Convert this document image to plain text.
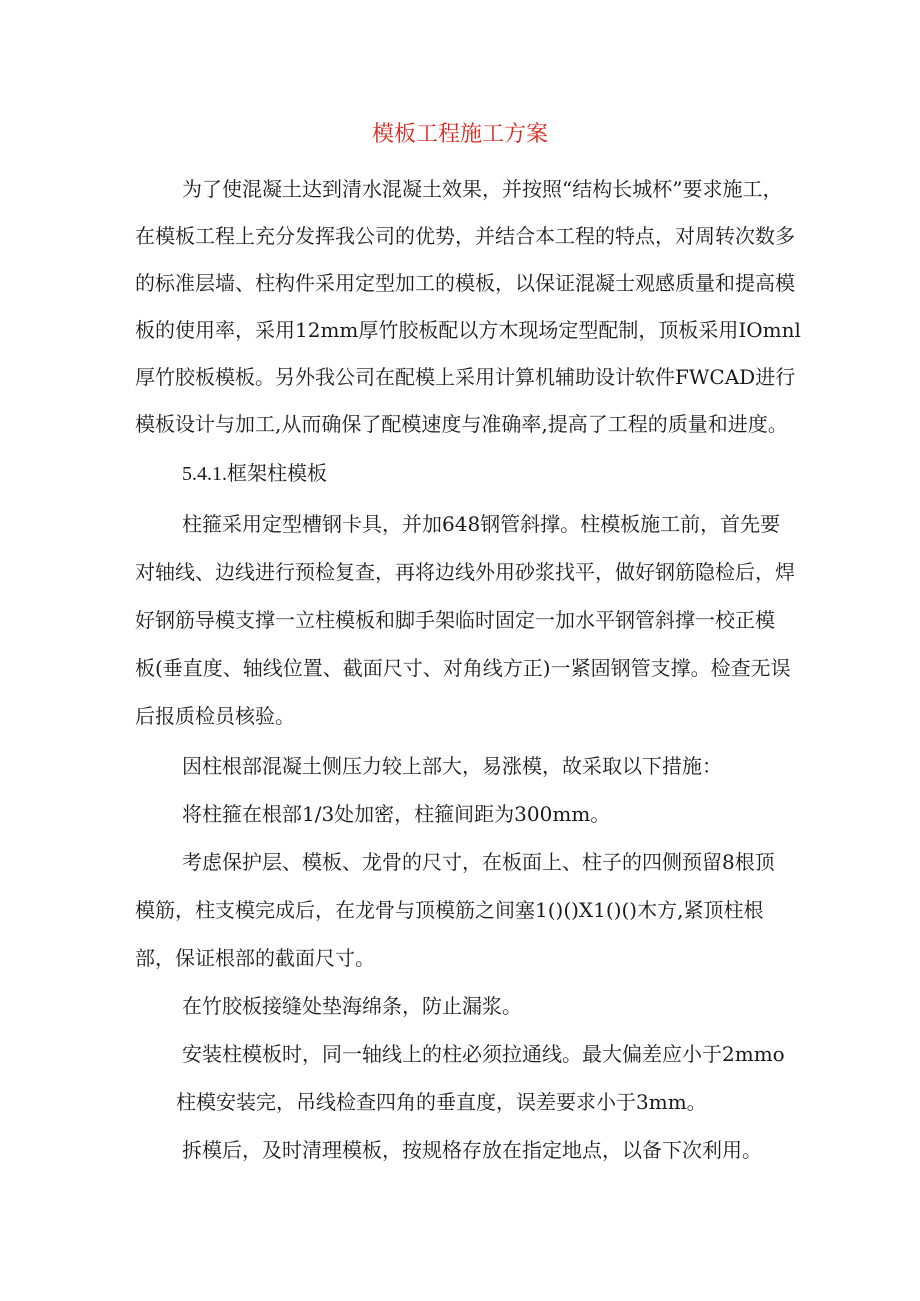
模板工程施工方案
为了使混凝土达到清水混凝土效果，并按照“结构长城杯”要求施工，
在模板工程上充分发挥我公司的优势，并结合本工程的特点，对周转次数多
的标准层墙、柱构件采用定型加工的模板，以保证混凝士观感质量和提高模
板的使用率，采用12mm厚竹胶板配以方木现场定型配制，顶板采用IOmnl
厚竹胶板模板。另外我公司在配模上采用计算机辅助设计软件FWCAD进行
模板设计与加工,从而确保了配模速度与准确率,提高了工程的质量和进度。
5.4.1.框架柱模板
柱箍采用定型槽钢卡具，并加648钢管斜撑。柱模板施工前，首先要
对轴线、边线进行预检复查，再将边线外用砂浆找平，做好钢筋隐检后，焊
好钢筋导模支撑一立柱模板和脚手架临时固定一加水平钢管斜撑一校正模
板(垂直度、轴线位置、截面尺寸、对角线方正)一紧固钢管支撑。检查无误
后报质检员核验。
因柱根部混凝土侧压力较上部大，易涨模，故采取以下措施：
将柱箍在根部1/3处加密，柱箍间距为300mm。
考虑保护层、模板、龙骨的尺寸，在板面上、柱子的四侧预留8根顶
模筋，柱支模完成后，在龙骨与顶模筋之间塞1()()X1()()木方,紧顶柱根
部，保证根部的截面尺寸。
在竹胶板接缝处垫海绵条，防止漏浆。
安装柱模板时，同一轴线上的柱必须拉通线。最大偏差应小于2mmo
柱模安装完，吊线检查四角的垂直度，误差要求小于3mm。
拆模后，及时清理模板，按规格存放在指定地点，以备下次利用。
